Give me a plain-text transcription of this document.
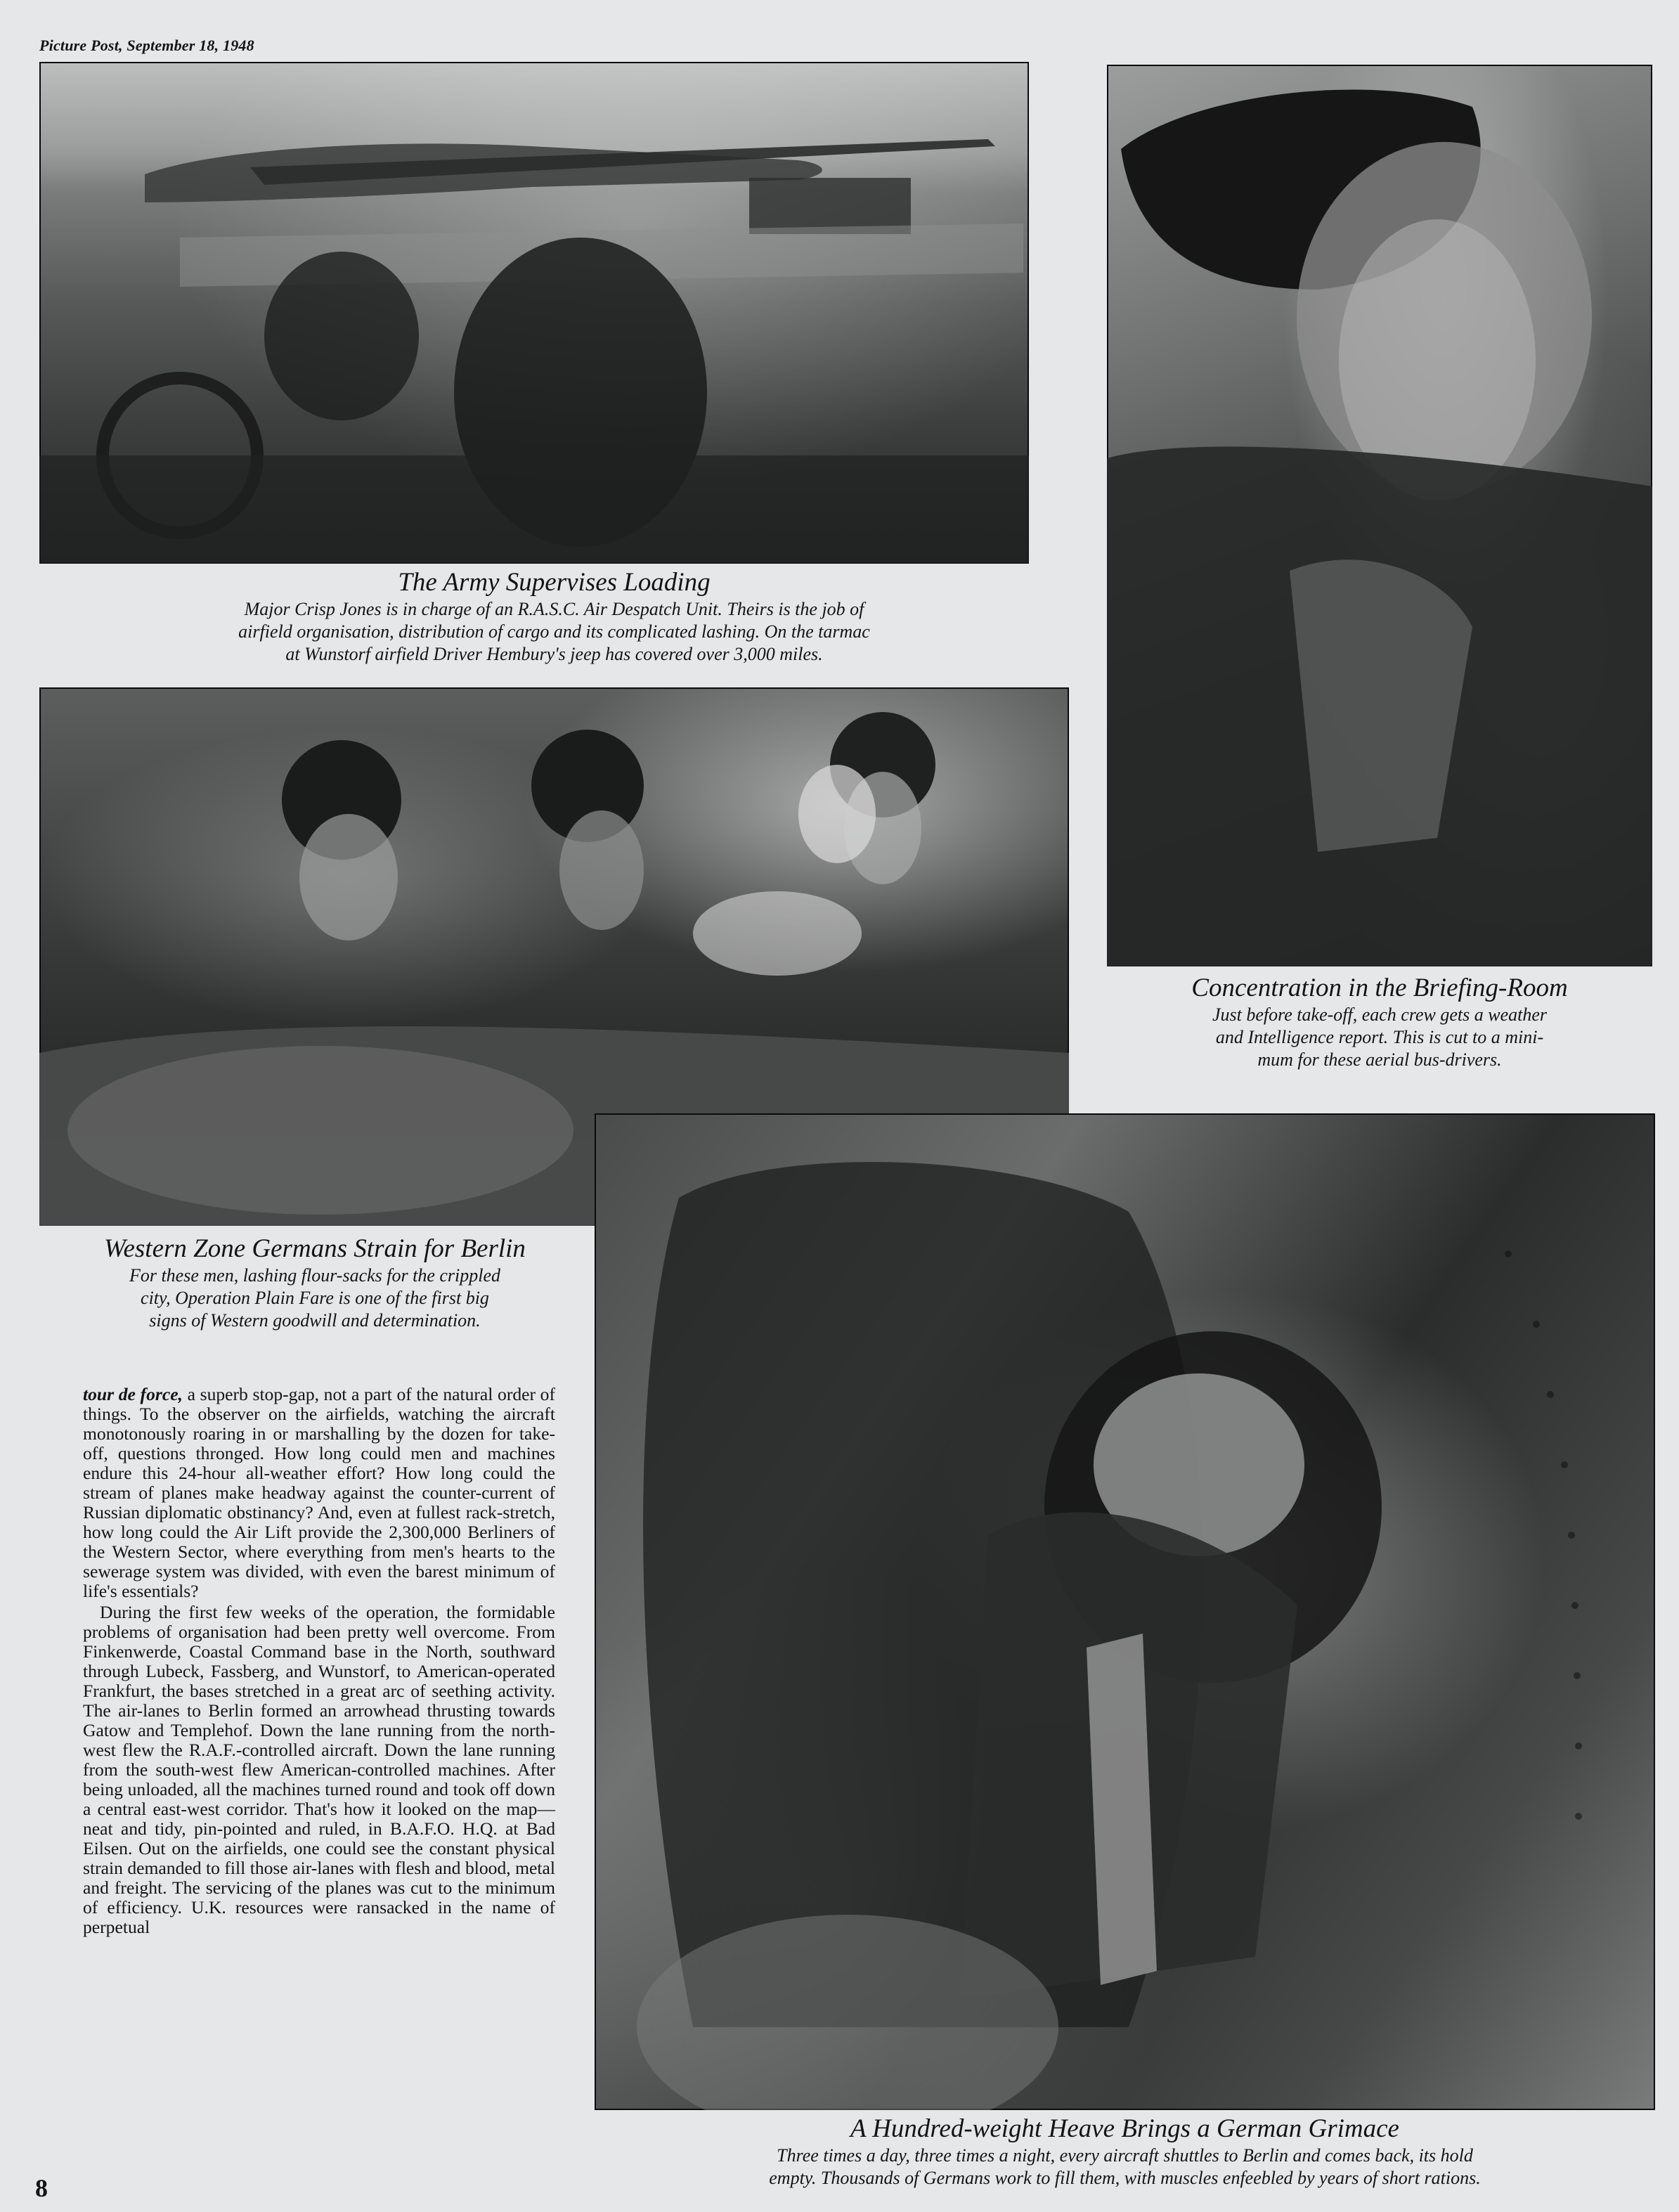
Picture Post, September 18, 1948
The Army Supervises Loading
Major Crisp Jones is in charge of an R.A.S.C. Air Despatch Unit. Theirs is the job of
airfield organisation, distribution of cargo and its complicated lashing. On the tarmac
at Wunstorf airfield Driver Hembury's jeep has covered over 3,000 miles.
Concentration in the Briefing-Room
Just before take-off, each crew gets a weather
and Intelligence report. This is cut to a mini-
mum for these aerial bus-drivers.
Western Zone Germans Strain for Berlin
For these men, lashing flour-sacks for the crippled
city, Operation Plain Fare is one of the first big
signs of Western goodwill and determination.
A Hundred-weight Heave Brings a German Grimace
Three times a day, three times a night, every aircraft shuttles to Berlin and comes back, its hold
empty. Thousands of Germans work to fill them, with muscles enfeebled by years of short rations.

tour de force, a superb stop-gap, not a part of the natural order of things. To the observer on the airfields, watching the aircraft monotonously roaring in or marshalling by the dozen for take-off, questions thronged. How long could men and machines endure this 24-hour all-weather effort? How long could the stream of planes make headway against the counter-current of Russian diplomatic obstinancy? And, even at fullest rack-stretch, how long could the Air Lift provide the 2,300,000 Berliners of the Western Sector, where everything from men's hearts to the sewerage system was divided, with even the barest minimum of life's essentials?

During the first few weeks of the operation, the formidable problems of organisation had been pretty well overcome. From Finkenwerde, Coastal Command base in the North, southward through Lubeck, Fassberg, and Wunstorf, to American-operated Frankfurt, the bases stretched in a great arc of seething activity. The air-lanes to Berlin formed an arrowhead thrusting towards Gatow and Templehof. Down the lane running from the north-west flew the R.A.F.-controlled aircraft. Down the lane running from the south-west flew American-controlled machines. After being unloaded, all the machines turned round and took off down a central east-west corridor. That's how it looked on the map—neat and tidy, pin-pointed and ruled, in B.A.F.O. H.Q. at Bad Eilsen. Out on the airfields, one could see the constant physical strain demanded to fill those air-lanes with flesh and blood, metal and freight. The servicing of the planes was cut to the minimum of efficiency. U.K. resources were ransacked in the name of perpetual

8
